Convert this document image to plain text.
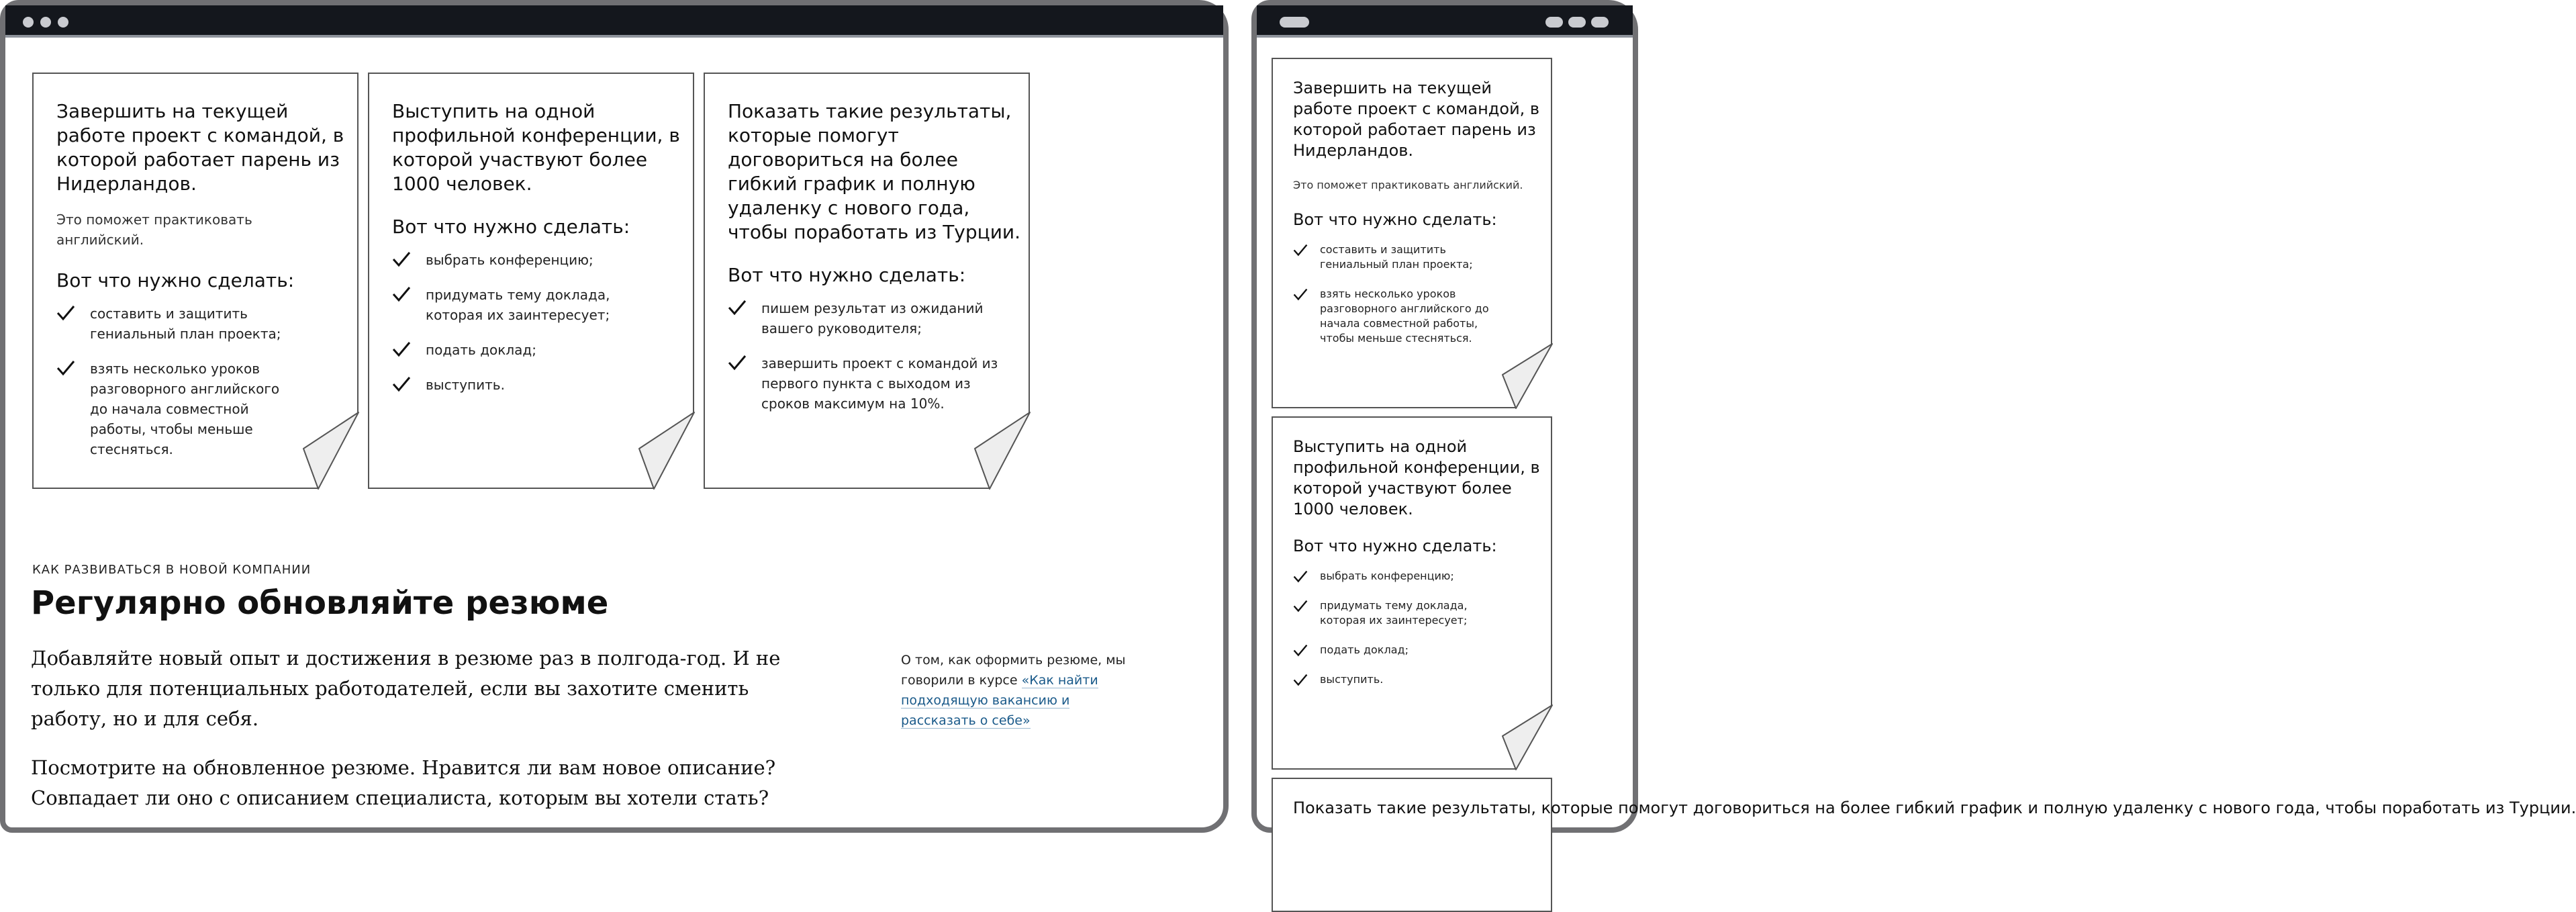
Завершить на текущей работе проект с командой, в которой работает парень из Нидерландов.

Это поможет практиковать английский.

Вот что нужно сделать:

составить и защитить гениальный план проекта;
взять несколько уроков разговорного английского до начала совместной работы, чтобы меньше стесняться.
Выступить на одной профильной конференции, в которой участвуют более 1000 человек.

Вот что нужно сделать:

выбрать конференцию;
придумать тему доклада, которая их заинтересует;
подать доклад;
выступить.
Показать такие результаты, которые помогут договориться на более гибкий график и полную удаленку с нового года, чтобы поработать из Турции.

Вот что нужно сделать:

пишем результат из ожиданий вашего руководителя;
завершить проект с командой из первого пункта с выходом из сроков максимум на 10%.
КАК РАЗВИВАТЬСЯ В НОВОЙ КОМПАНИИ
Регулярно обновляйте резюме

Добавляйте новый опыт и достижения в резюме раз в полгода-год. И не только для потенциальных работодателей, если вы захотите сменить работу, но и для себя.

Посмотрите на обновленное резюме. Нравится ли вам новое описание? Совпадает ли оно с описанием специалиста, которым вы хотели стать?

О том, как оформить резюме, мы говорили в курсе «Как найти подходящую вакансию и рассказать о себе»

Завершить на текущей работе проект с командой, в которой работает парень из Нидерландов.

Это поможет практиковать английский.

Вот что нужно сделать:

составить и защитить гениальный план проекта;
взять несколько уроков разговорного английского до начала совместной работы, чтобы меньше стесняться.
Выступить на одной профильной конференции, в которой участвуют более 1000 человек.

Вот что нужно сделать:

выбрать конференцию;
придумать тему доклада, которая их заинтересует;
подать доклад;
выступить.
Показать такие результаты, которые помогут договориться на более гибкий график и полную удаленку с нового года, чтобы поработать из Турции.
